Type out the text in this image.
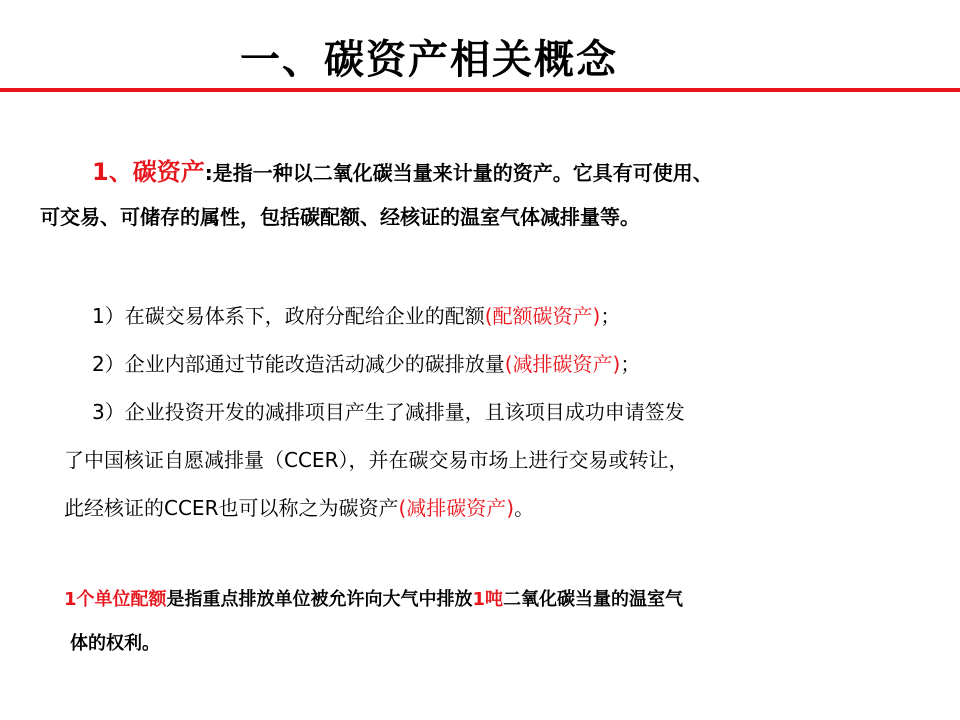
一、碳资产相关概念
1、碳资产:是指一种以二氧化碳当量来计量的资产。它具有可使用、
可交易、可储存的属性，包括碳配额、经核证的温室气体减排量等。
1）在碳交易体系下，政府分配给企业的配额(配额碳资产)；
2）企业内部通过节能改造活动减少的碳排放量(减排碳资产)；
3）企业投资开发的减排项目产生了减排量，且该项目成功申请签发
了中国核证自愿减排量（CCER），并在碳交易市场上进行交易或转让，
此经核证的CCER也可以称之为碳资产(减排碳资产)。
1个单位配额是指重点排放单位被允许向大气中排放1吨二氧化碳当量的温室气
体的权利。
